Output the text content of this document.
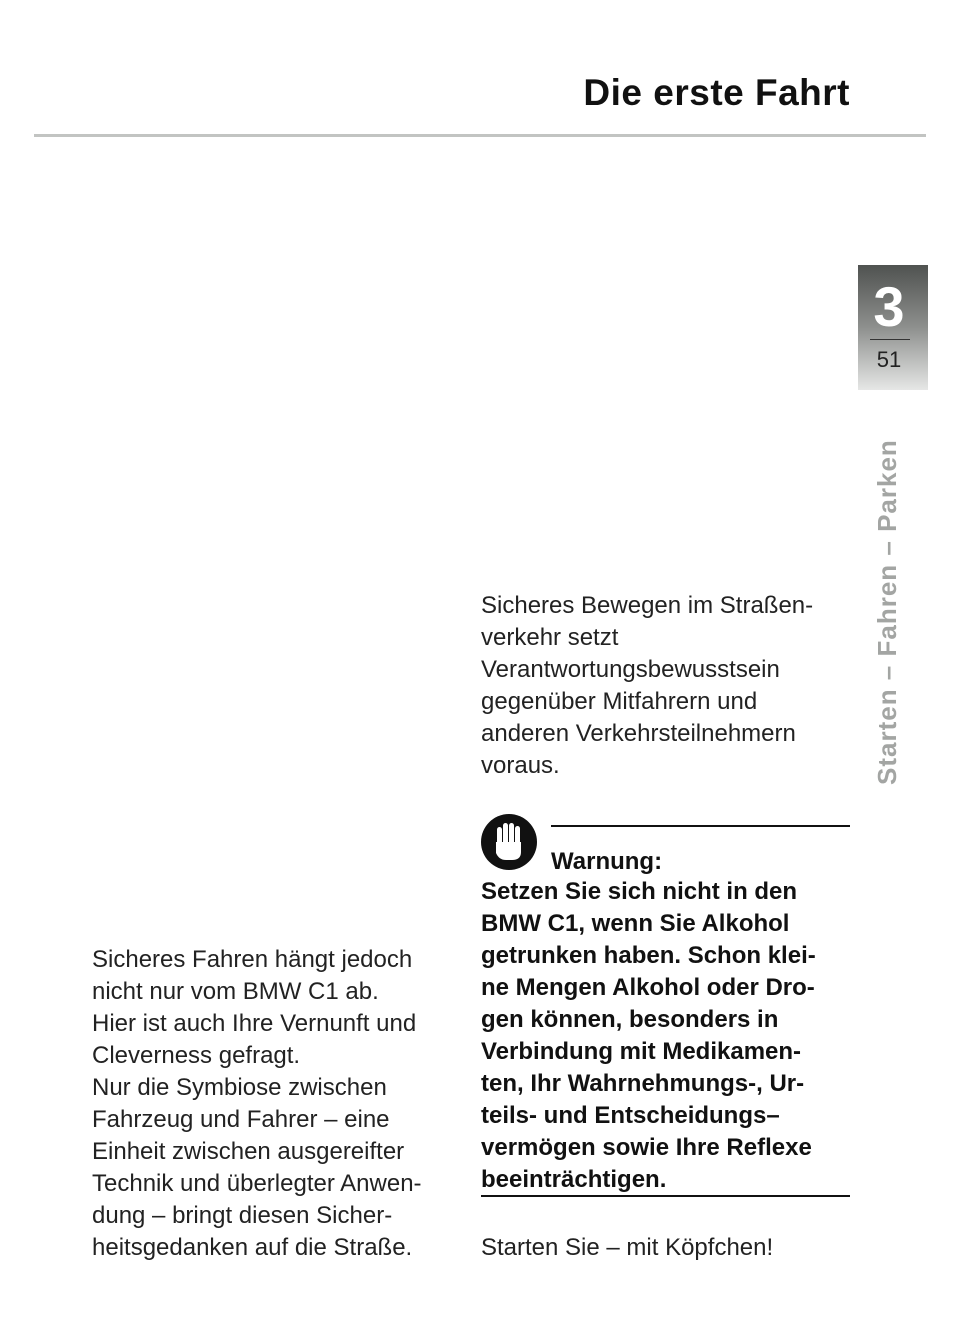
Die erste Fahrt
3
51
Starten – Fahren – Parken

Sicheres Bewegen im Straßen-
verkehr setzt
Verantwortungsbewusstsein
gegenüber Mitfahrern und
anderen Verkehrsteilnehmern
voraus.

Warnung:

Setzen Sie sich nicht in den
BMW C1, wenn Sie Alkohol
getrunken haben. Schon klei-
ne Mengen Alkohol oder Dro-
gen können, besonders in
Verbindung mit Medikamen-
ten, Ihr Wahrnehmungs-, Ur-
teils- und Entscheidungs–
vermögen sowie Ihre Reflexe
beeinträchtigen.

Sicheres Fahren hängt jedoch
nicht nur vom BMW C1 ab.
Hier ist auch Ihre Vernunft und
Cleverness gefragt.
Nur die Symbiose zwischen
Fahrzeug und Fahrer – eine
Einheit zwischen ausgereifter
Technik und überlegter Anwen-
dung – bringt diesen Sicher-
heitsgedanken auf die Straße.	Starten Sie – mit Köpfchen!
